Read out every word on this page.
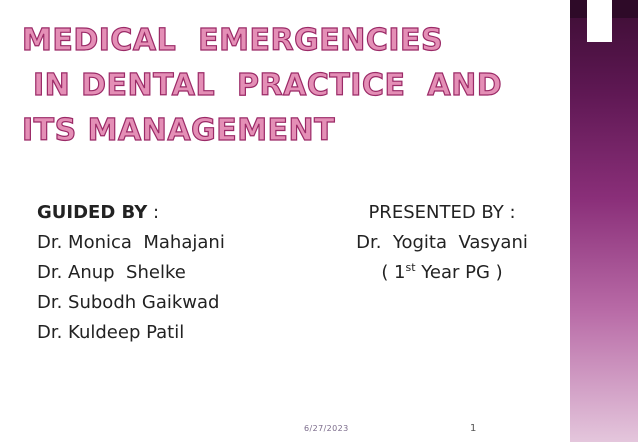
MEDICAL  EMERGENCIES
IN DENTAL  PRACTICE  AND
ITS MANAGEMENT
GUIDED BY :
Dr. Monica  Mahajani
Dr. Anup  Shelke
Dr. Subodh Gaikwad
Dr. Kuldeep Patil
PRESENTED BY :
Dr.  Yogita  Vasyani
( 1st Year PG )
6/27/2023	1
